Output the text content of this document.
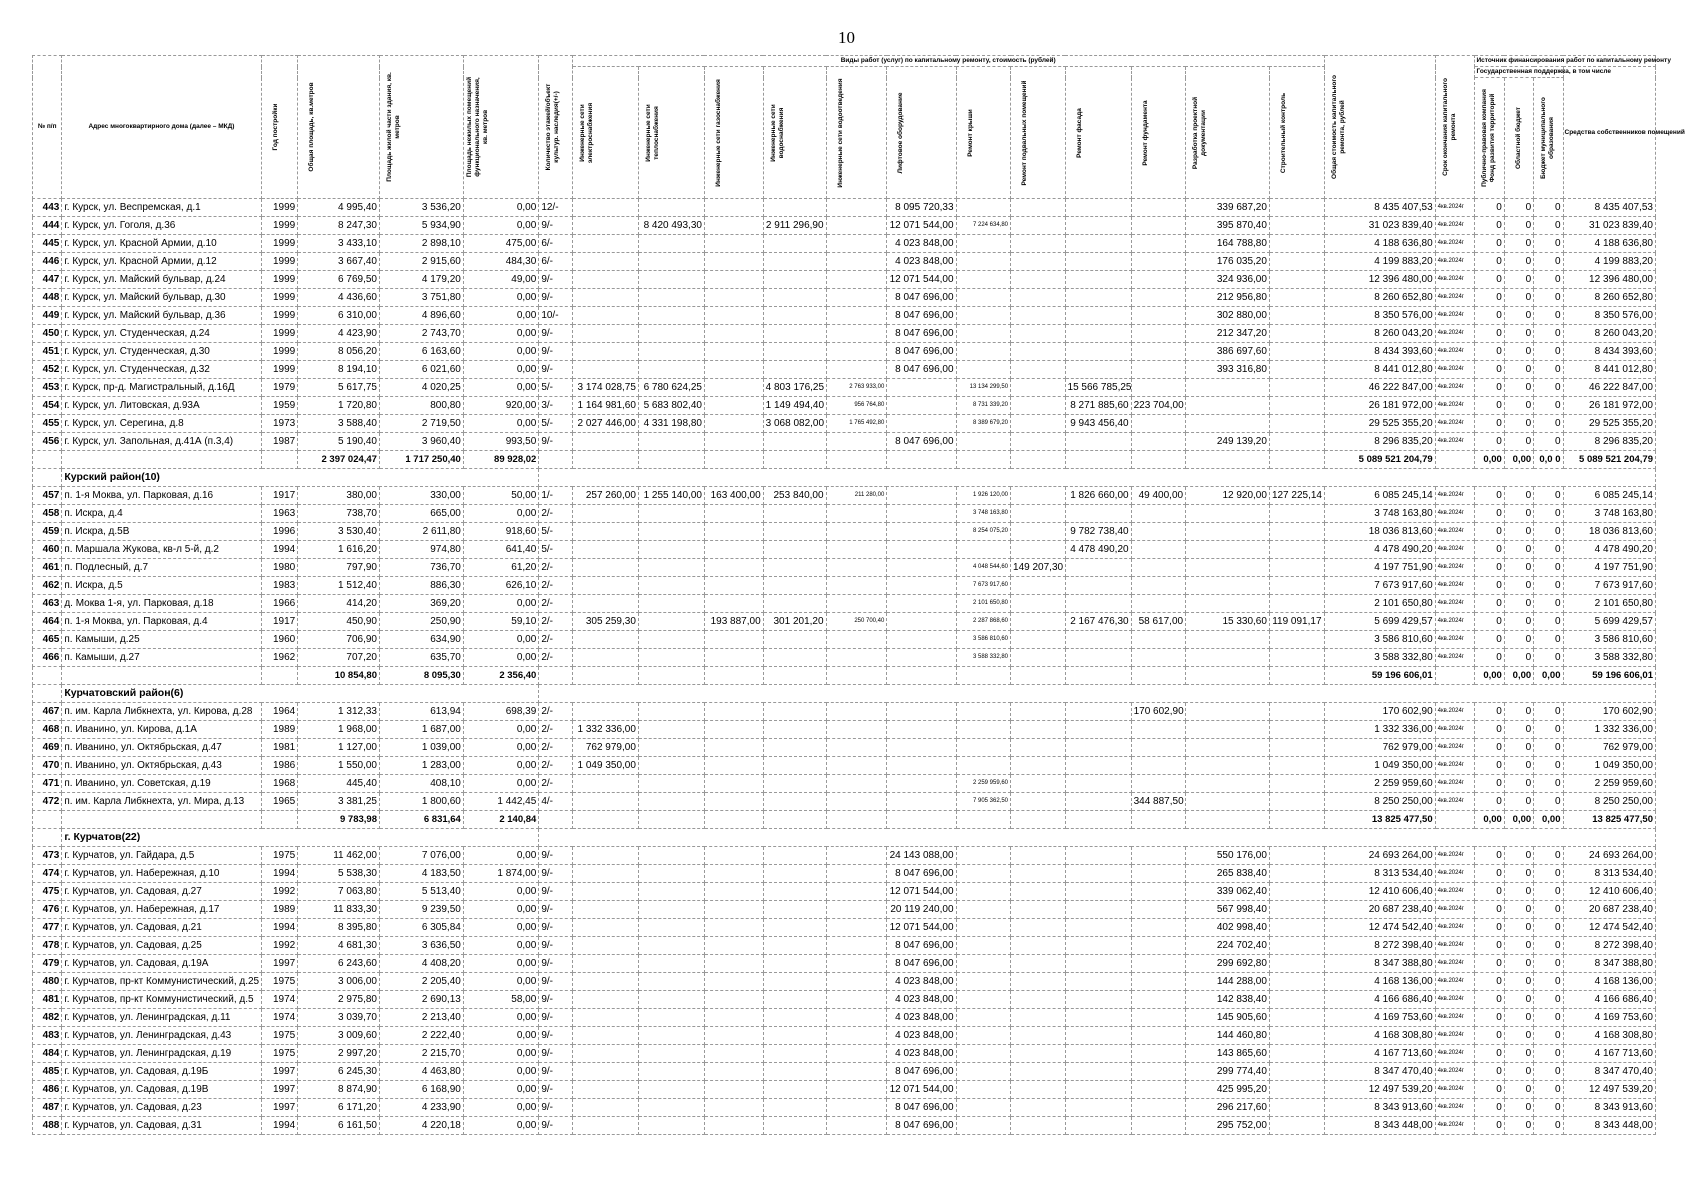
10
№ п/п	Адрес многоквартирного дома (далее – МКД)	Год постройки	Общая площадь, кв.метров	Площадь жилой части здания, кв. метров	Площадь нежилых помещений функционального назначения, кв. метров	Количество этажей/объект культур. наследия(+/-)	Виды работ (услуг) по капитальному ремонту, стоимость (рублей)												Общая стоимость капитального ремонта, рублей	Срок окончания капитального ремонта	Источник финансирования работ по капитальному ремонту			

							Инженерные сети электроснабжения	Инженерные сети теплоснабжения	Инженерные сети газоснабжения	Инженерные сети водоснабжения	Инженерные сети водоотведения	Лифтовое оборудование	Ремонт крыши	Ремонт подвальных помещений	Ремонт фасада	Ремонт фундамента	Разработка проектной документации	Строительный контроль			Государственная поддержка, в том числе			Средства собственников помещений

																					Публично-правовая компания Фонд развития территорий	Областной бюджет	Бюджет муниципального образования	

443	г. Курск, ул. Веспремская, д.1	1999	4 995,40	3 536,20	0,00	12/-						8 095 720,33					339 687,20		8 435 407,53	4кв.2024г	0	0	0	8 435 407,53
444	г. Курск, ул. Гоголя, д.36	1999	8 247,30	5 934,90	0,00	9/-		8 420 493,30		2 911 296,90		12 071 544,00	7 224 634,80				395 870,40		31 023 839,40	4кв.2024г	0	0	0	31 023 839,40
445	г. Курск, ул. Красной Армии, д.10	1999	3 433,10	2 898,10	475,00	6/-						4 023 848,00					164 788,80		4 188 636,80	4кв.2024г	0	0	0	4 188 636,80
446	г. Курск, ул. Красной Армии, д.12	1999	3 667,40	2 915,60	484,30	6/-						4 023 848,00					176 035,20		4 199 883,20	4кв.2024г	0	0	0	4 199 883,20
447	г. Курск, ул. Майский бульвар, д.24	1999	6 769,50	4 179,20	49,00	9/-						12 071 544,00					324 936,00		12 396 480,00	4кв.2024г	0	0	0	12 396 480,00
448	г. Курск, ул. Майский бульвар, д.30	1999	4 436,60	3 751,80	0,00	9/-						8 047 696,00					212 956,80		8 260 652,80	4кв.2024г	0	0	0	8 260 652,80
449	г. Курск, ул. Майский бульвар, д.36	1999	6 310,00	4 896,60	0,00	10/-						8 047 696,00					302 880,00		8 350 576,00	4кв.2024г	0	0	0	8 350 576,00
450	г. Курск, ул. Студенческая, д.24	1999	4 423,90	2 743,70	0,00	9/-						8 047 696,00					212 347,20		8 260 043,20	4кв.2024г	0	0	0	8 260 043,20
451	г. Курск, ул. Студенческая, д.30	1999	8 056,20	6 163,60	0,00	9/-						8 047 696,00					386 697,60		8 434 393,60	4кв.2024г	0	0	0	8 434 393,60
452	г. Курск, ул. Студенческая, д.32	1999	8 194,10	6 021,60	0,00	9/-						8 047 696,00					393 316,80		8 441 012,80	4кв.2024г	0	0	0	8 441 012,80
453	г. Курск, пр-д. Магистральный, д.16Д	1979	5 617,75	4 020,25	0,00	5/-	3 174 028,75	6 780 624,25		4 803 176,25	2 763 933,00		13 134 299,50		15 566 785,25				46 222 847,00	4кв.2024г	0	0	0	46 222 847,00
454	г. Курск, ул. Литовская, д.93А	1959	1 720,80	800,80	920,00	3/-	1 164 981,60	5 683 802,40		1 149 494,40	956 764,80		8 731 339,20		8 271 885,60	223 704,00			26 181 972,00	4кв.2024г	0	0	0	26 181 972,00
455	г. Курск, ул. Серегина, д.8	1973	3 588,40	2 719,50	0,00	5/-	2 027 446,00	4 331 198,80		3 068 082,00	1 765 492,80		8 389 679,20		9 943 456,40				29 525 355,20	4кв.2024г	0	0	0	29 525 355,20
456	г. Курск, ул. Запольная, д.41А (п.3,4)	1987	5 190,40	3 960,40	993,50	9/-						8 047 696,00					249 139,20		8 296 835,20	4кв.2024г	0	0	0	8 296 835,20
			2 397 024,47	1 717 250,40	89 928,02														5 089 521 204,79		0,00	0,00	0,0 0	5 089 521 204,79
	Курский район(10)																							
457	п. 1-я Моква, ул. Парковая, д.16	1917	380,00	330,00	50,00	1/-	257 260,00	1 255 140,00	163 400,00	253 840,00	211 280,00		1 926 120,00		1 826 660,00	49 400,00	12 920,00	127 225,14	6 085 245,14	4кв.2024г	0	0	0	6 085 245,14
458	п. Искра, д.4	1963	738,70	665,00	0,00	2/-							3 748 163,80						3 748 163,80	4кв.2024г	0	0	0	3 748 163,80
459	п. Искра, д.5В	1996	3 530,40	2 611,80	918,60	5/-							8 254 075,20		9 782 738,40				18 036 813,60	4кв.2024г	0	0	0	18 036 813,60
460	п. Маршала Жукова, кв-л 5-й, д.2	1994	1 616,20	974,80	641,40	5/-									4 478 490,20				4 478 490,20	4кв.2024г	0	0	0	4 478 490,20
461	п. Подлесный, д.7	1980	797,90	736,70	61,20	2/-							4 048 544,60	149 207,30					4 197 751,90	4кв.2024г	0	0	0	4 197 751,90
462	п. Искра, д.5	1983	1 512,40	886,30	626,10	2/-							7 673 917,60						7 673 917,60	4кв.2024г	0	0	0	7 673 917,60
463	д. Моква 1-я, ул. Парковая, д.18	1966	414,20	369,20	0,00	2/-							2 101 650,80						2 101 650,80	4кв.2024г	0	0	0	2 101 650,80
464	п. 1-я Моква, ул. Парковая, д.4	1917	450,90	250,90	59,10	2/-	305 259,30		193 887,00	301 201,20	250 700,40		2 287 868,60		2 167 476,30	58 617,00	15 330,60	119 091,17	5 699 429,57	4кв.2024г	0	0	0	5 699 429,57
465	п. Камыши, д.25	1960	706,90	634,90	0,00	2/-							3 586 810,60						3 586 810,60	4кв.2024г	0	0	0	3 586 810,60
466	п. Камыши, д.27	1962	707,20	635,70	0,00	2/-							3 588 332,80						3 588 332,80	4кв.2024г	0	0	0	3 588 332,80
			10 854,80	8 095,30	2 356,40														59 196 606,01		0,00	0,00	0,00	59 196 606,01
	Курчатовский район(6)																							
467	п. им. Карла Либкнехта, ул. Кирова, д.28	1964	1 312,33	613,94	698,39	2/-										170 602,90			170 602,90	4кв.2024г	0	0	0	170 602,90
468	п. Иванино, ул. Кирова, д.1А	1989	1 968,00	1 687,00	0,00	2/-	1 332 336,00												1 332 336,00	4кв.2024г	0	0	0	1 332 336,00
469	п. Иванино, ул. Октябрьская, д.47	1981	1 127,00	1 039,00	0,00	2/-	762 979,00												762 979,00	4кв.2024г	0	0	0	762 979,00
470	п. Иванино, ул. Октябрьская, д.43	1986	1 550,00	1 283,00	0,00	2/-	1 049 350,00												1 049 350,00	4кв.2024г	0	0	0	1 049 350,00
471	п. Иванино, ул. Советская, д.19	1968	445,40	408,10	0,00	2/-							2 259 959,60						2 259 959,60	4кв.2024г	0	0	0	2 259 959,60
472	п. им. Карла Либкнехта, ул. Мира, д.13	1965	3 381,25	1 800,60	1 442,45	4/-							7 905 362,50			344 887,50			8 250 250,00	4кв.2024г	0	0	0	8 250 250,00
			9 783,98	6 831,64	2 140,84														13 825 477,50		0,00	0,00	0,00	13 825 477,50
	г. Курчатов(22)																							
473	г. Курчатов, ул. Гайдара, д.5	1975	11 462,00	7 076,00	0,00	9/-						24 143 088,00					550 176,00		24 693 264,00	4кв.2024г	0	0	0	24 693 264,00
474	г. Курчатов, ул. Набережная, д.10	1994	5 538,30	4 183,50	1 874,00	9/-						8 047 696,00					265 838,40		8 313 534,40	4кв.2024г	0	0	0	8 313 534,40
475	г. Курчатов, ул. Садовая, д.27	1992	7 063,80	5 513,40	0,00	9/-						12 071 544,00					339 062,40		12 410 606,40	4кв.2024г	0	0	0	12 410 606,40
476	г. Курчатов, ул. Набережная, д.17	1989	11 833,30	9 239,50	0,00	9/-						20 119 240,00					567 998,40		20 687 238,40	4кв.2024г	0	0	0	20 687 238,40
477	г. Курчатов, ул. Садовая, д.21	1994	8 395,80	6 305,84	0,00	9/-						12 071 544,00					402 998,40		12 474 542,40	4кв.2024г	0	0	0	12 474 542,40
478	г. Курчатов, ул. Садовая, д.25	1992	4 681,30	3 636,50	0,00	9/-						8 047 696,00					224 702,40		8 272 398,40	4кв.2024г	0	0	0	8 272 398,40
479	г. Курчатов, ул. Садовая, д.19А	1997	6 243,60	4 408,20	0,00	9/-						8 047 696,00					299 692,80		8 347 388,80	4кв.2024г	0	0	0	8 347 388,80
480	г. Курчатов, пр-кт Коммунистический, д.25	1975	3 006,00	2 205,40	0,00	9/-						4 023 848,00					144 288,00		4 168 136,00	4кв.2024г	0	0	0	4 168 136,00
481	г. Курчатов, пр-кт Коммунистический, д.5	1974	2 975,80	2 690,13	58,00	9/-						4 023 848,00					142 838,40		4 166 686,40	4кв.2024г	0	0	0	4 166 686,40
482	г. Курчатов, ул. Ленинградская, д.11	1974	3 039,70	2 213,40	0,00	9/-						4 023 848,00					145 905,60		4 169 753,60	4кв.2024г	0	0	0	4 169 753,60
483	г. Курчатов, ул. Ленинградская, д.43	1975	3 009,60	2 222,40	0,00	9/-						4 023 848,00					144 460,80		4 168 308,80	4кв.2024г	0	0	0	4 168 308,80
484	г. Курчатов, ул. Ленинградская, д.19	1975	2 997,20	2 215,70	0,00	9/-						4 023 848,00					143 865,60		4 167 713,60	4кв.2024г	0	0	0	4 167 713,60
485	г. Курчатов, ул. Садовая, д.19Б	1997	6 245,30	4 463,80	0,00	9/-						8 047 696,00					299 774,40		8 347 470,40	4кв.2024г	0	0	0	8 347 470,40
486	г. Курчатов, ул. Садовая, д.19В	1997	8 874,90	6 168,90	0,00	9/-						12 071 544,00					425 995,20		12 497 539,20	4кв.2024г	0	0	0	12 497 539,20
487	г. Курчатов, ул. Садовая, д.23	1997	6 171,20	4 233,90	0,00	9/-						8 047 696,00					296 217,60		8 343 913,60	4кв.2024г	0	0	0	8 343 913,60
488	г. Курчатов, ул. Садовая, д.31	1994	6 161,50	4 220,18	0,00	9/-						8 047 696,00					295 752,00		8 343 448,00	4кв.2024г	0	0	0	8 343 448,00
